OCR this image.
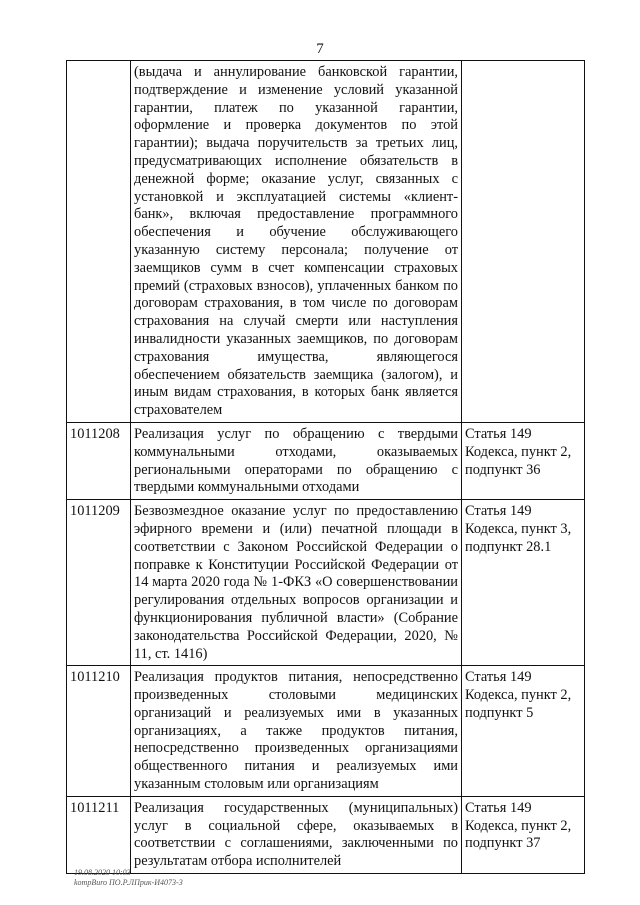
7
	(выдача и аннулирование банковской гарантии, подтверждение и изменение условий указанной гарантии, платеж по указанной гарантии, оформление и проверка документов по этой гарантии); выдача поручительств за третьих лиц, предусматривающих исполнение обязательств в денежной форме; оказание услуг, связанных с установкой и эксплуатацией системы «клиент-банк», включая предоставление программного обеспечения и обучение обслуживающего указанную систему персонала; получение от заемщиков сумм в счет компенсации страховых премий (страховых взносов), уплаченных банком по договорам страхования, в том числе по договорам страхования на случай смерти или наступления инвалидности указанных заемщиков, по договорам страхования имущества, являющегося обеспечением обязательств заемщика (залогом), и иным видам страхования, в которых банк является страхователем	
1011208	Реализация услуг по обращению с твердыми коммунальными отходами, оказываемых региональными операторами по обращению с твердыми коммунальными отходами	Статья 149 Кодекса, пункт 2, подпункт 36
1011209	Безвозмездное оказание услуг по предоставлению эфирного времени и (или) печатной площади в соответствии с Законом Российской Федерации о поправке к Конституции Российской Федерации от 14 марта 2020 года № 1-ФКЗ «О совершенствовании регулирования отдельных вопросов организации и функционирования публичной власти» (Собрание законодательства Российской Федерации, 2020, № 11, ст. 1416)	Статья 149 Кодекса, пункт 3, подпункт 28.1
1011210	Реализация продуктов питания, непосредственно произведенных столовыми медицинских организаций и реализуемых ими в указанных организациях, а также продуктов питания, непосредственно произведенных организациями общественного питания и реализуемых ими указанным столовым или организациям	Статья 149 Кодекса, пункт 2, подпункт 5
1011211	Реализация государственных (муниципальных) услуг в социальной сфере, оказываемых в соответствии с соглашениями, заключенными по результатам отбора исполнителей	Статья 149 Кодекса, пункт 2, подпункт 37
19.08.2020 10:03
kompBuro ПО.Р.ЛПрик-И4073-3
